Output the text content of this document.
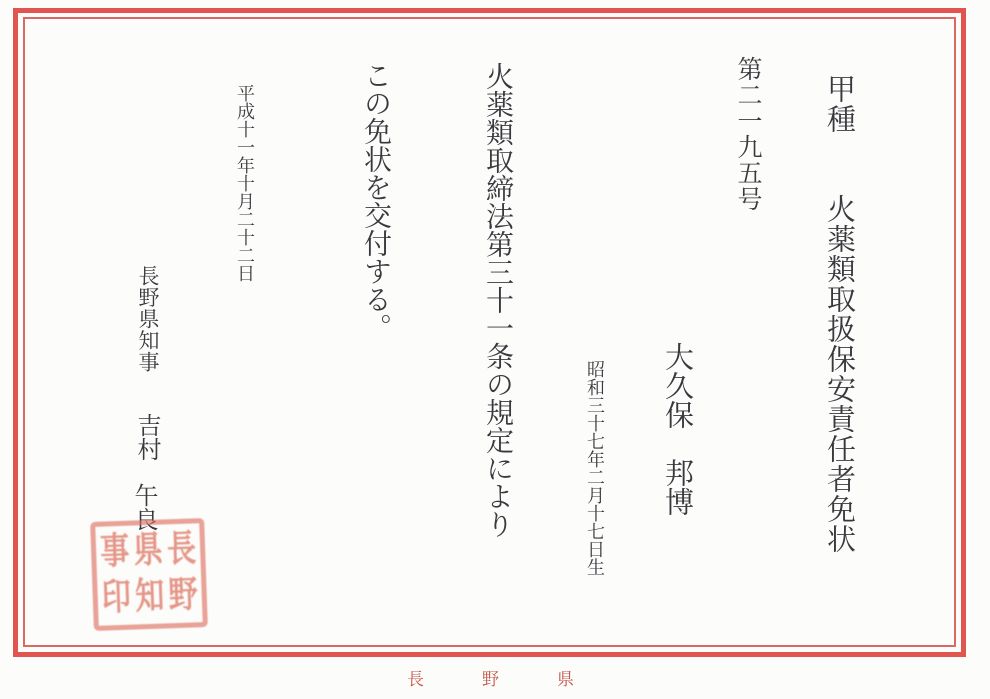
甲種　　火薬類取扱保安責任者免状
第二一九五号
大久保　邦博
昭和三十七年二月十七日生
火薬類取締法第三十一条の規定により
この免状を交付する。
平成十一年十月二十二日
長野県知事
吉村
午良
長
野
県
知
事
印
長野県
